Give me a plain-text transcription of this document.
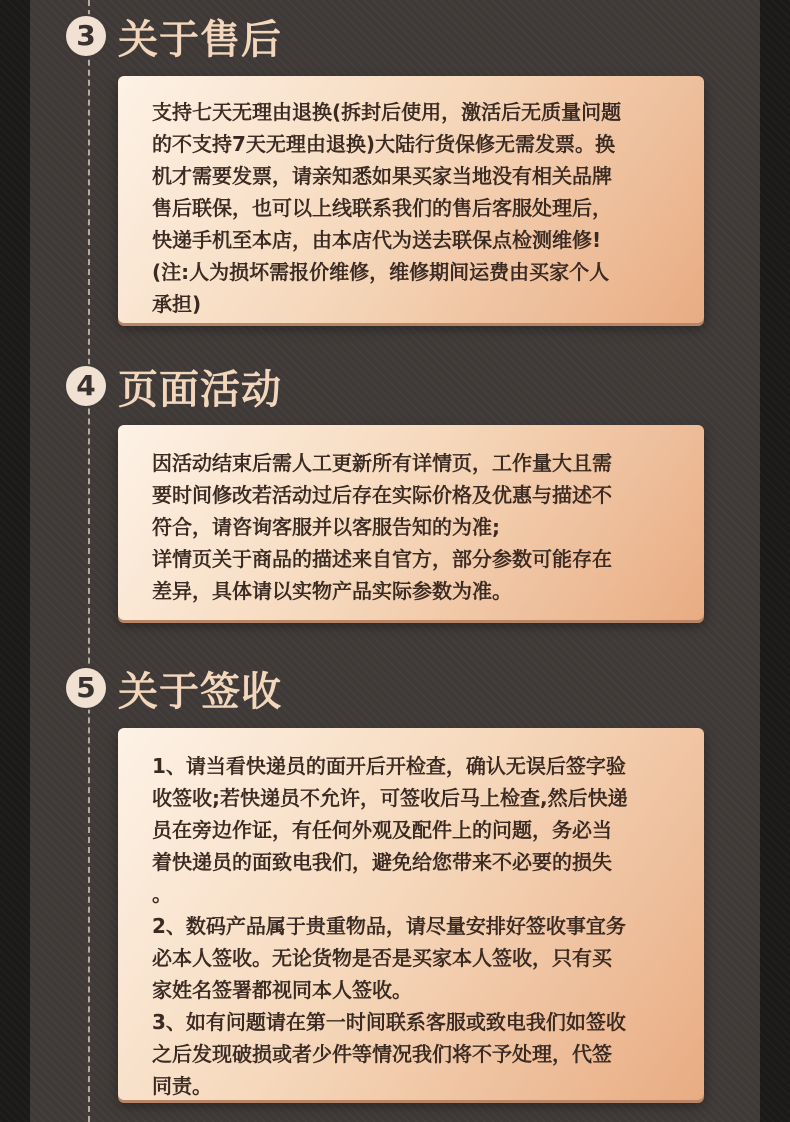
3 关于售后

支持七天无理由退换(拆封后使用，激活后无质量问题
的不支持7天无理由退换)大陆行货保修无需发票。换
机才需要发票，请亲知悉如果买家当地没有相关品牌
售后联保，也可以上线联系我们的售后客服处理后，
快递手机至本店，由本店代为送去联保点检测维修!
(注:人为损坏需报价维修，维修期间运费由买家个人
承担)

4 页面活动

因活动结束后需人工更新所有详情页，工作量大且需
要时间修改若活动过后存在实际价格及优惠与描述不
符合，请咨询客服并以客服告知的为准;
详情页关于商品的描述来自官方，部分参数可能存在
差异，具体请以实物产品实际参数为准。

5 关于签收

1、请当看快递员的面开后开检查，确认无误后签字验
收签收;若快递员不允许，可签收后马上检查,然后快递
员在旁边作证，有任何外观及配件上的问题，务必当
着快递员的面致电我们，避免给您带来不必要的损失
。
2、数码产品属于贵重物品，请尽量安排好签收事宜务
必本人签收。无论货物是否是买家本人签收，只有买
家姓名签署都视同本人签收。
3、如有问题请在第一时间联系客服或致电我们如签收
之后发现破损或者少件等情况我们将不予处理，代签
同责。
